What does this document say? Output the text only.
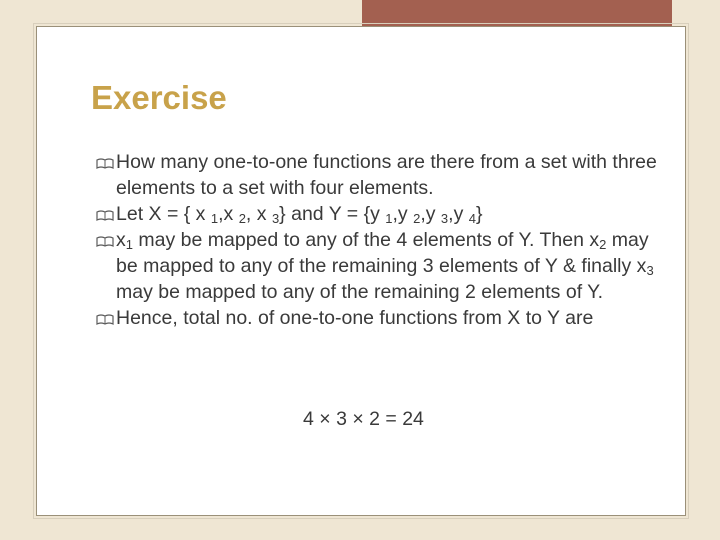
Exercise
How many one-to-one functions are there from a set with three elements to a set with four elements.
Let X = { x $_1$,x $_2$, x $_3$} and Y = {y $_1$,y $_2$,y $_3$,y $_4$}
$x_1$ may be mapped to any of the 4 elements of Y. Then $x_2$ may be mapped to any of the remaining 3 elements of Y & finally $x_3$ may be mapped to any of the remaining 2 elements of Y.
Hence, total no. of one-to-one functions from X to Y are
4 × 3 × 2 = 24
